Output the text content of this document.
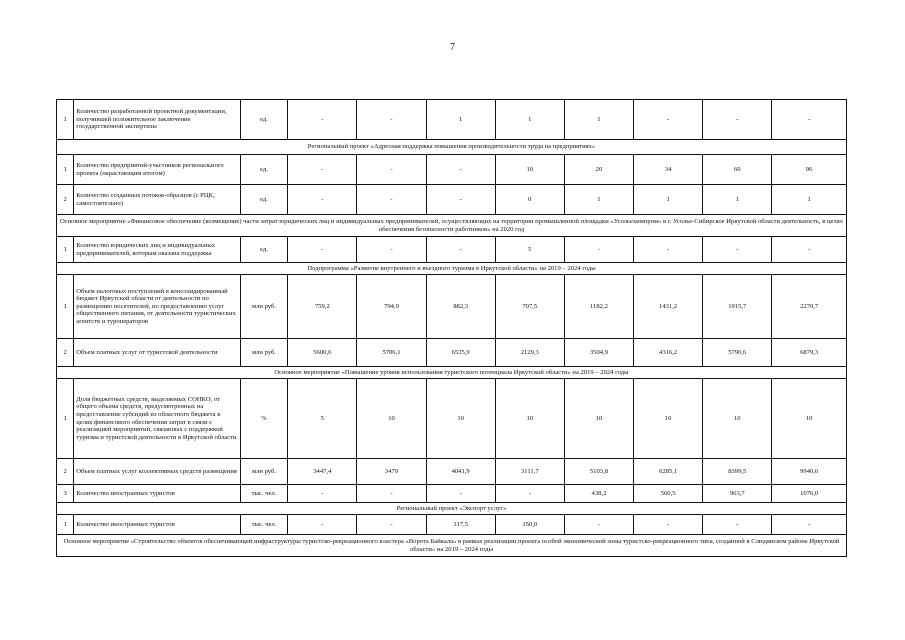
7
1	Количество разработанной проектной документации, получившей положительное заключение государственной экспертизы	ед.	-	-	1	1	1	-	-	-
Региональный проект «Адресная поддержка повышения производительности труда на предприятиях»										
1	Количество предприятий-участников регионального проекта (нарастающим итогом)	ед.	-	-	-	10	20	34	60	96
2	Количество созданных потоков-образцов (с РЦК, самостоятельно)	ед.	-	-	-	0	1	1	1	1
Основное мероприятие «Финансовое обеспечение (возмещение) части затрат юридических лиц и индивидуальных предпринимателей, осуществляющих на территории промышленной площадки «Усольехимпром» в г. Усолье-Сибирское Иркутской области деятельность, в целях обеспечения безопасности работников» на 2020 год										
1	Количество юридических лиц и индивидуальных предпринимателей, которым оказана поддержка	ед.	-	-	-	5	-	-	-	-
Подпрограмма «Развитие внутреннего и въездного туризма в Иркутской области» на 2019 – 2024 годы										
1	Объем налоговых поступлений в консолидированный бюджет Иркутской области от деятельности по размещению посетителей, по предоставлению услуг общественного питания, от деятельности туристических агентств и туроператоров	млн руб.	759,2	794,9	882,3	707,5	1182,2	1431,2	1915,7	2270,7
2	Объем платных услуг от туристской деятельности	млн руб.	5600,6	5706,1	6535,9	2129,3	3504,9	4316,2	5790,6	6879,3
Основное мероприятие «Повышение уровня использования туристского потенциала Иркутской области» на 2019 – 2024 годы										
1	Доля бюджетных средств, выделяемых СОНКО, от общего объема средств, предусмотренных на предоставление субсидий из областного бюджета в целях финансового обеспечения затрат в связи с реализацией мероприятий, связанных с поддержкой туризма и туристской деятельности в Иркутской области	%	5	10	10	10	10	10	10	10
2	Объем платных услуг коллективных средств размещения	млн руб.	3447,4	3479	4041,9	3111,7	5103,8	6285,1	8399,5	9940,6
3	Количество иностранных туристов	тыс. чел.	-	-	-	-	438,2	560,5	963,7	1076,0
Региональный проект «Экспорт услуг»										
1	Количество иностранных туристов	тыс. чел.	-	-	317,5	150,0	-	-	-	-
Основное мероприятие «Строительство объектов обеспечивающей инфраструктуры туристско-рекреационного кластера «Ворота Байкала» в рамках реализации проекта особой экономической зоны туристско-рекреационного типа, созданной в Слюдянском районе Иркутской области» на 2019 – 2024 годы										
